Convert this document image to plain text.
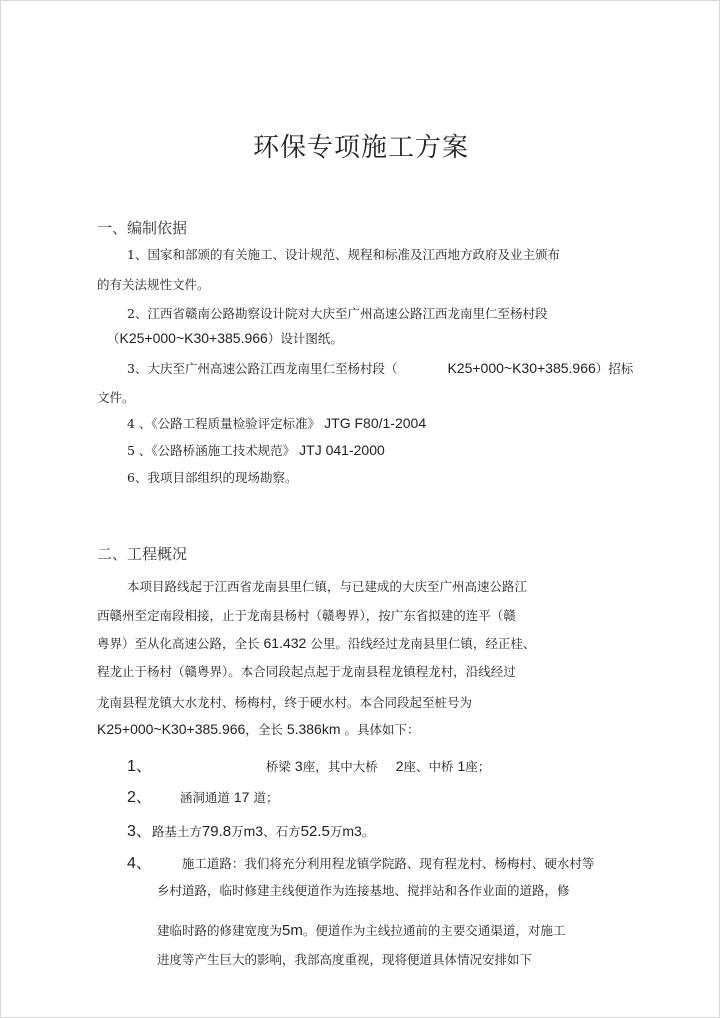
环保专项施工方案
一、编制依据
1、国家和部颁的有关施工、设计规范、规程和标准及江西地方政府及业主颁布
的有关法规性文件。
2、江西省赣南公路勘察设计院对大庆至广州高速公路江西龙南里仁至杨村段
（K25+000~K30+385.966）设计图纸。
3、大庆至广州高速公路江西龙南里仁至杨村段（	K25+000~K30+385.966）招标
文件。
4 、《公路工程质量检验评定标准》 JTG F80/1-2004
5 、《公路桥涵施工技术规范》 JTJ 041-2000
6、我项目部组织的现场勘察。
二、工程概况
本项目路线起于江西省龙南县里仁镇，与已建成的大庆至广州高速公路江
西赣州至定南段相接，止于龙南县杨村（赣粤界），按广东省拟建的连平（赣
粤界）至从化高速公路，全长 61.432 公里。沿线经过龙南县里仁镇，经正桂、
程龙止于杨村（赣粤界）。本合同段起点起于龙南县程龙镇程龙村，沿线经过
龙南县程龙镇大水龙村、杨梅村，终于硬水村。本合同段起至桩号为
K25+000~K30+385.966，全长 5.386km 。具体如下：
1、	桥梁 3座，其中大桥 2座、中桥 1座；
2、 涵洞通道 17 道；
3、路基土方79.8万m3、石方52.5万m3。
4、 施工道路：我们将充分利用程龙镇学院路、现有程龙村、杨梅村、硬水村等
乡村道路，临时修建主线便道作为连接基地、搅拌站和各作业面的道路，修
建临时路的修建宽度为5m。便道作为主线拉通前的主要交通渠道，对施工
进度等产生巨大的影响，我部高度重视，现将便道具体情况安排如下
